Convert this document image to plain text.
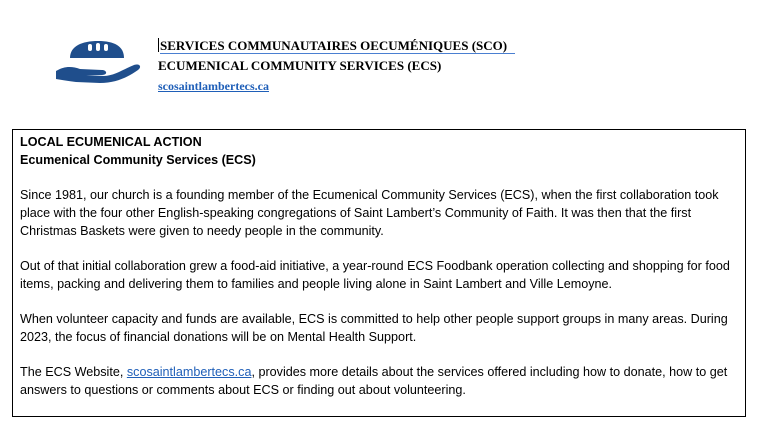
SERVICES COMMUNAUTAIRES OECUMÉNIQUES (SCO)
ECUMENICAL COMMUNITY SERVICES (ECS)
scosaintlambertecs.ca

LOCAL ECUMENICAL ACTION

Ecumenical Community Services (ECS)

Since 1981, our church is a founding member of the Ecumenical Community Services (ECS), when the first collaboration took place with the four other English-speaking congregations of Saint Lambert’s Community of Faith. It was then that the first Christmas Baskets were given to needy people in the community.

Out of that initial collaboration grew a food-aid initiative, a year-round ECS Foodbank operation collecting and shopping for food items, packing and delivering them to families and people living alone in Saint Lambert and Ville Lemoyne.

When volunteer capacity and funds are available, ECS is committed to help other people support groups in many areas. During 2023, the focus of financial donations will be on Mental Health Support.

The ECS Website, scosaintlambertecs.ca, provides more details about the services offered including how to donate, how to get answers to questions or comments about ECS or finding out about volunteering.
